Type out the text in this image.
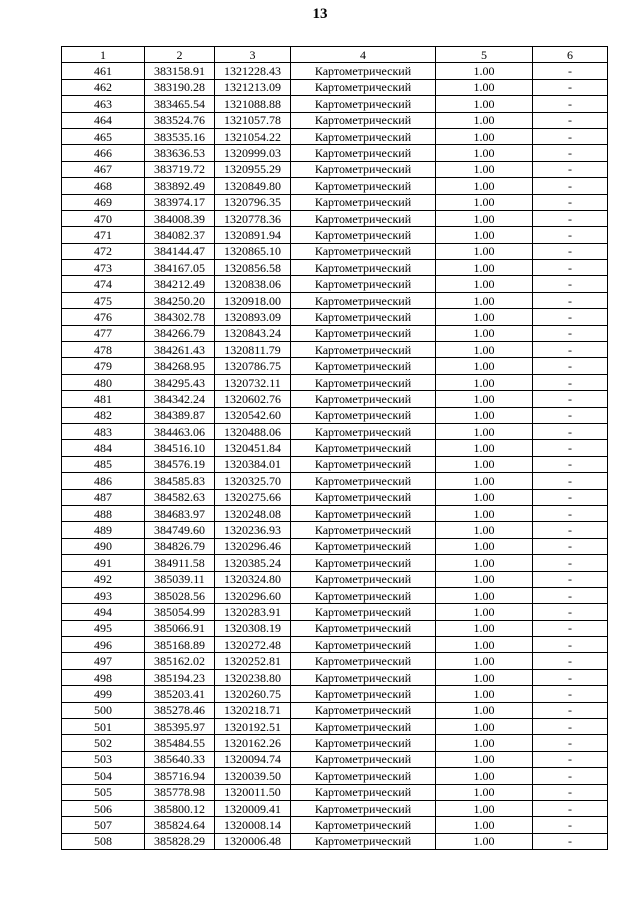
13
1	2	3	4	5	6
461	383158.91	1321228.43	Картометрический	1.00	-
462	383190.28	1321213.09	Картометрический	1.00	-
463	383465.54	1321088.88	Картометрический	1.00	-
464	383524.76	1321057.78	Картометрический	1.00	-
465	383535.16	1321054.22	Картометрический	1.00	-
466	383636.53	1320999.03	Картометрический	1.00	-
467	383719.72	1320955.29	Картометрический	1.00	-
468	383892.49	1320849.80	Картометрический	1.00	-
469	383974.17	1320796.35	Картометрический	1.00	-
470	384008.39	1320778.36	Картометрический	1.00	-
471	384082.37	1320891.94	Картометрический	1.00	-
472	384144.47	1320865.10	Картометрический	1.00	-
473	384167.05	1320856.58	Картометрический	1.00	-
474	384212.49	1320838.06	Картометрический	1.00	-
475	384250.20	1320918.00	Картометрический	1.00	-
476	384302.78	1320893.09	Картометрический	1.00	-
477	384266.79	1320843.24	Картометрический	1.00	-
478	384261.43	1320811.79	Картометрический	1.00	-
479	384268.95	1320786.75	Картометрический	1.00	-
480	384295.43	1320732.11	Картометрический	1.00	-
481	384342.24	1320602.76	Картометрический	1.00	-
482	384389.87	1320542.60	Картометрический	1.00	-
483	384463.06	1320488.06	Картометрический	1.00	-
484	384516.10	1320451.84	Картометрический	1.00	-
485	384576.19	1320384.01	Картометрический	1.00	-
486	384585.83	1320325.70	Картометрический	1.00	-
487	384582.63	1320275.66	Картометрический	1.00	-
488	384683.97	1320248.08	Картометрический	1.00	-
489	384749.60	1320236.93	Картометрический	1.00	-
490	384826.79	1320296.46	Картометрический	1.00	-
491	384911.58	1320385.24	Картометрический	1.00	-
492	385039.11	1320324.80	Картометрический	1.00	-
493	385028.56	1320296.60	Картометрический	1.00	-
494	385054.99	1320283.91	Картометрический	1.00	-
495	385066.91	1320308.19	Картометрический	1.00	-
496	385168.89	1320272.48	Картометрический	1.00	-
497	385162.02	1320252.81	Картометрический	1.00	-
498	385194.23	1320238.80	Картометрический	1.00	-
499	385203.41	1320260.75	Картометрический	1.00	-
500	385278.46	1320218.71	Картометрический	1.00	-
501	385395.97	1320192.51	Картометрический	1.00	-
502	385484.55	1320162.26	Картометрический	1.00	-
503	385640.33	1320094.74	Картометрический	1.00	-
504	385716.94	1320039.50	Картометрический	1.00	-
505	385778.98	1320011.50	Картометрический	1.00	-
506	385800.12	1320009.41	Картометрический	1.00	-
507	385824.64	1320008.14	Картометрический	1.00	-
508	385828.29	1320006.48	Картометрический	1.00	-
